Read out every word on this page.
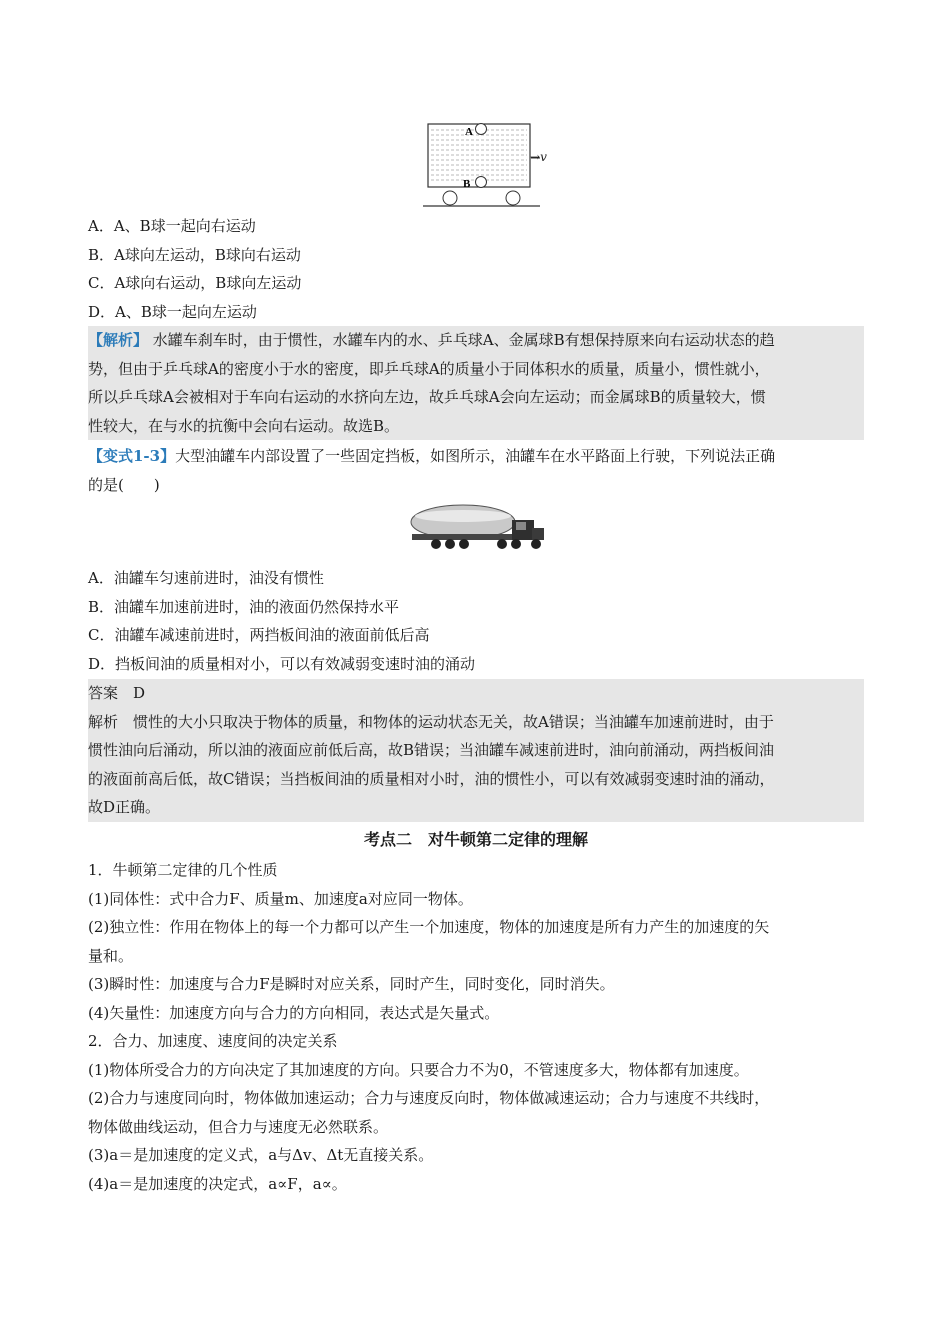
A
B
→v
A．A、B球一起向右运动
B．A球向左运动，B球向右运动
C．A球向右运动，B球向左运动
D．A、B球一起向左运动
【解析】 水罐车刹车时，由于惯性，水罐车内的水、乒乓球A、金属球B有想保持原来向右运动状态的趋
势，但由于乒乓球A的密度小于水的密度，即乒乓球A的质量小于同体积水的质量，质量小，惯性就小，
所以乒乓球A会被相对于车向右运动的水挤向左边，故乒乓球A会向左运动；而金属球B的质量较大，惯
性较大，在与水的抗衡中会向右运动。故选B。
【变式1-3】大型油罐车内部设置了一些固定挡板，如图所示，油罐车在水平路面上行驶，下列说法正确
的是(　　)
A．油罐车匀速前进时，油没有惯性
B．油罐车加速前进时，油的液面仍然保持水平
C．油罐车减速前进时，两挡板间油的液面前低后高
D．挡板间油的质量相对小，可以有效减弱变速时油的涌动
答案　D
解析　惯性的大小只取决于物体的质量，和物体的运动状态无关，故A错误；当油罐车加速前进时，由于
惯性油向后涌动，所以油的液面应前低后高，故B错误；当油罐车减速前进时，油向前涌动，两挡板间油
的液面前高后低，故C错误；当挡板间油的质量相对小时，油的惯性小，可以有效减弱变速时油的涌动，
故D正确。
考点二　对牛顿第二定律的理解
1．牛顿第二定律的几个性质
(1)同体性：式中合力F、质量m、加速度a对应同一物体。
(2)独立性：作用在物体上的每一个力都可以产生一个加速度，物体的加速度是所有力产生的加速度的矢
量和。
(3)瞬时性：加速度与合力F是瞬时对应关系，同时产生，同时变化，同时消失。
(4)矢量性：加速度方向与合力的方向相同，表达式是矢量式。
2．合力、加速度、速度间的决定关系
(1)物体所受合力的方向决定了其加速度的方向。只要合力不为0，不管速度多大，物体都有加速度。
(2)合力与速度同向时，物体做加速运动；合力与速度反向时，物体做减速运动；合力与速度不共线时，
物体做曲线运动，但合力与速度无必然联系。
(3)a＝是加速度的定义式，a与Δv、Δt无直接关系。
(4)a＝是加速度的决定式，a∝F，a∝。
